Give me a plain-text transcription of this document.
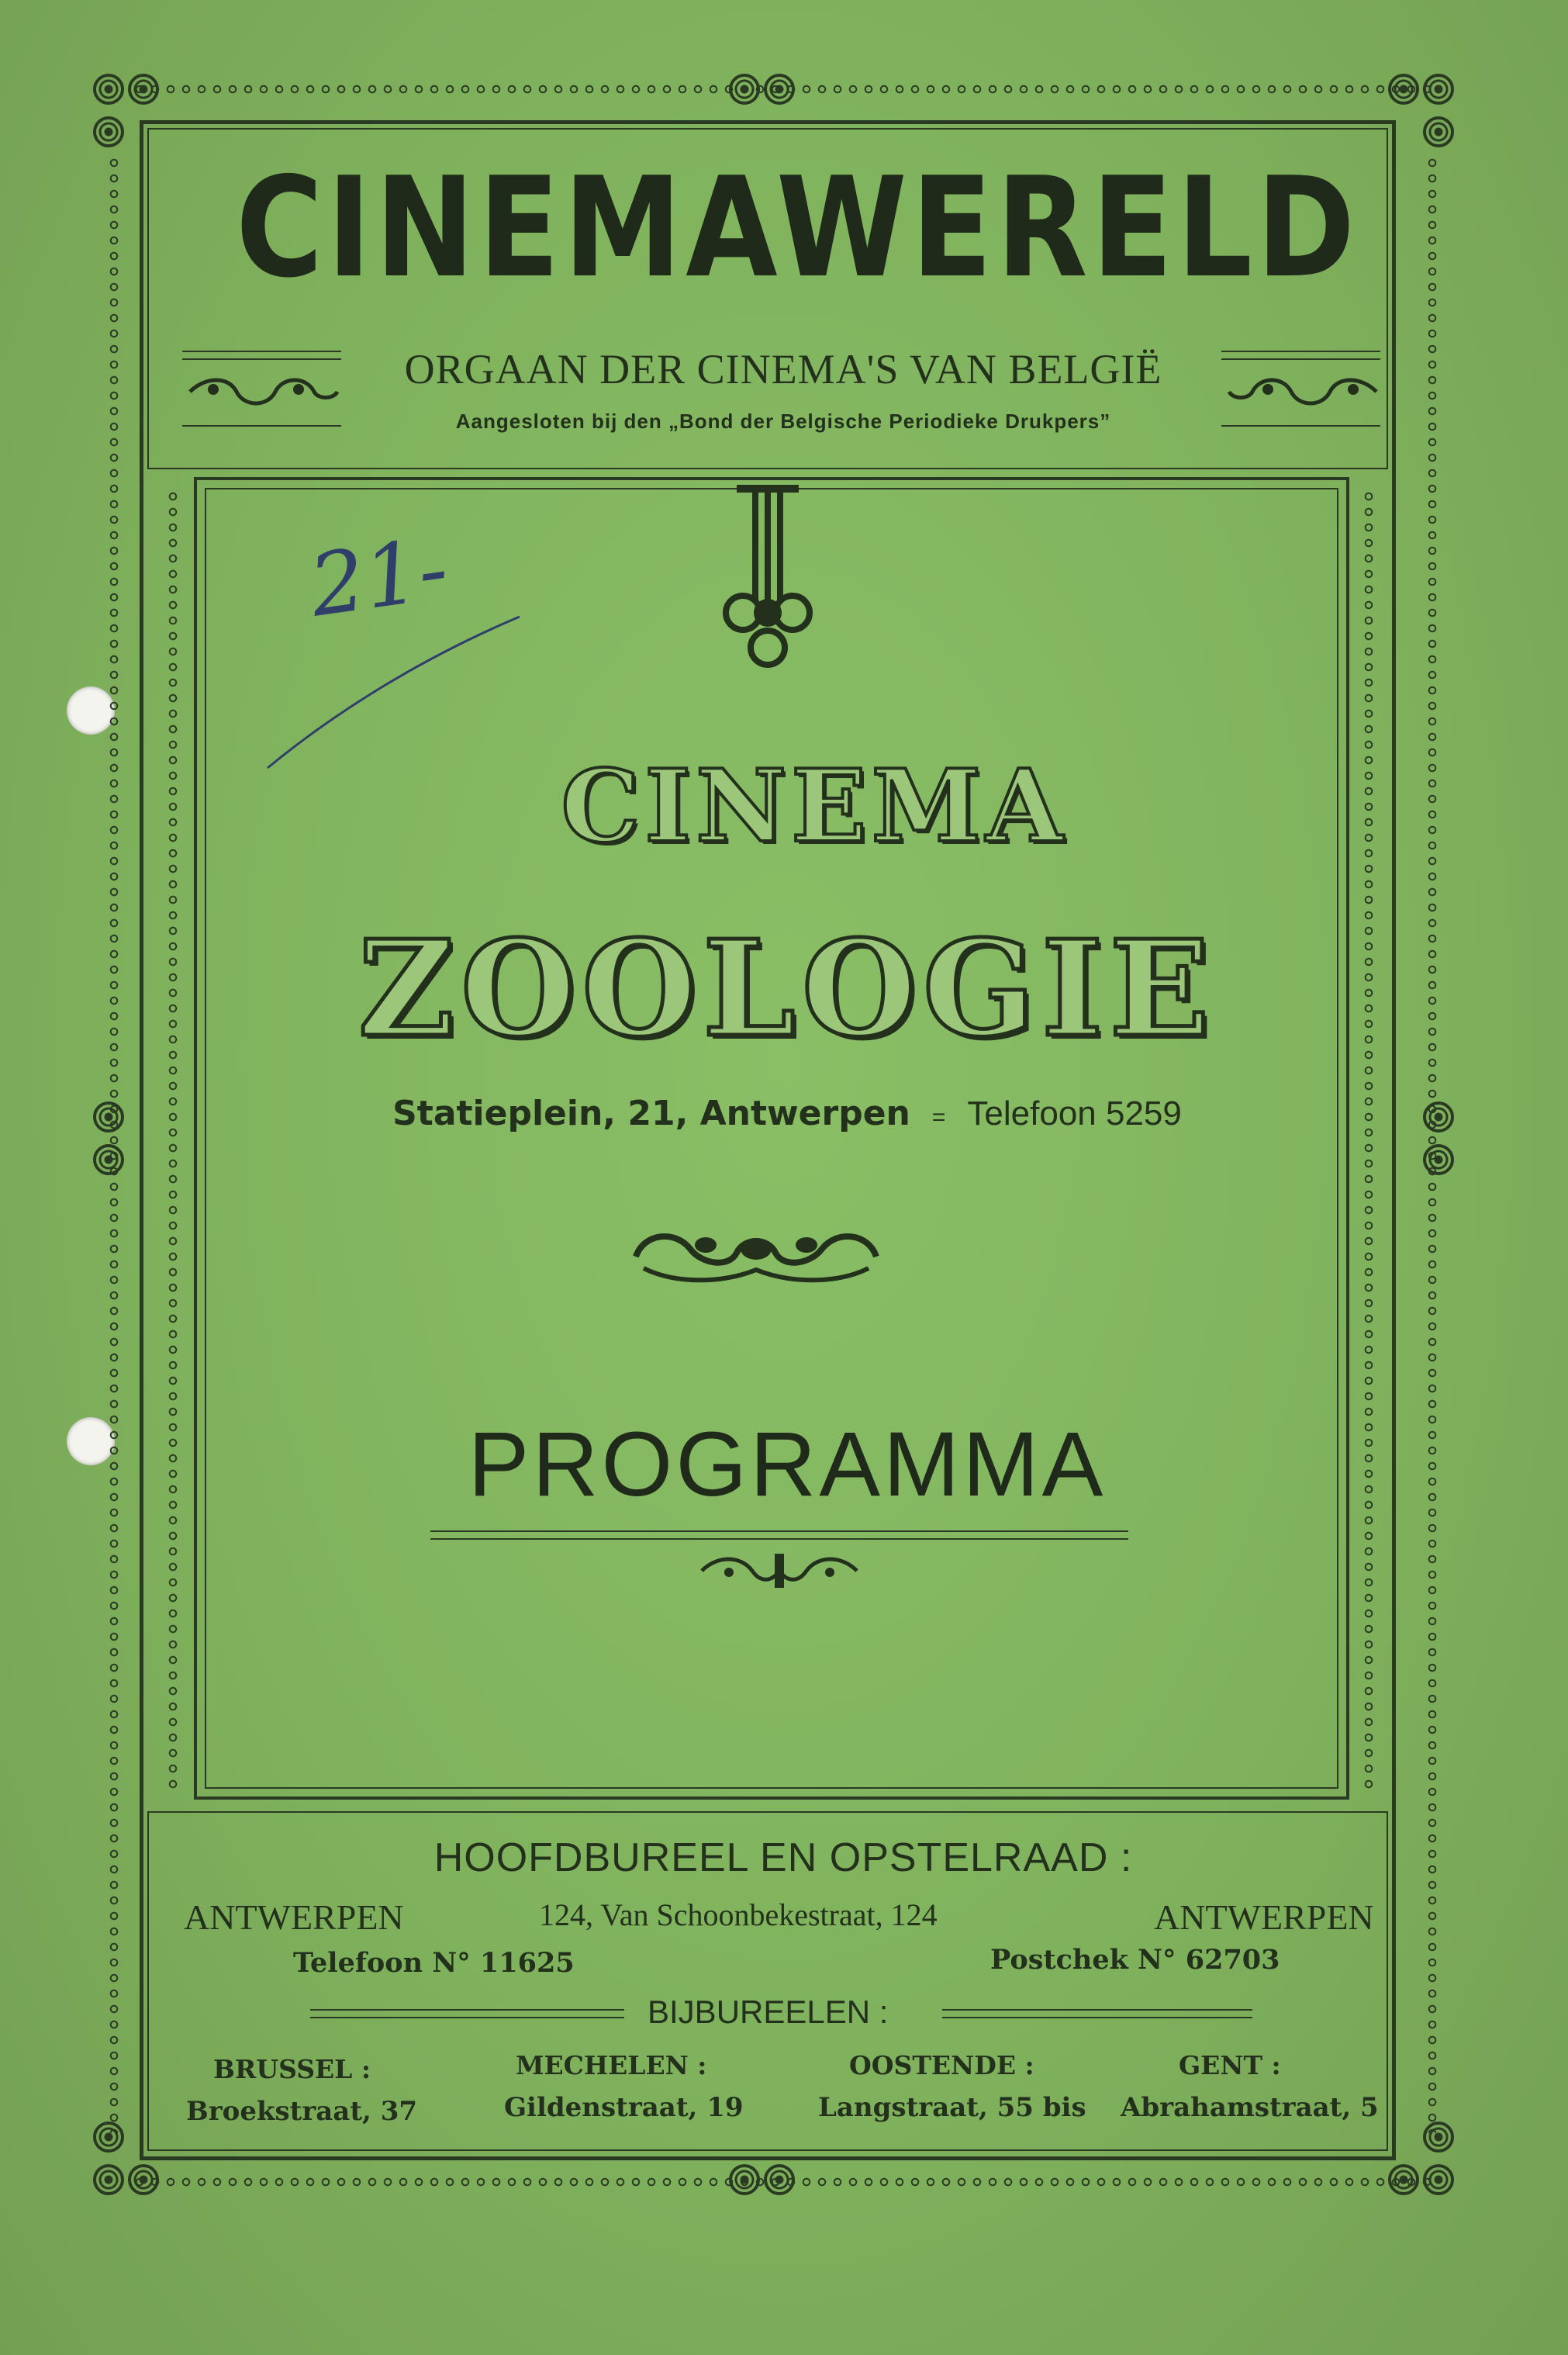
CINEMAWERELD
ORGAAN DER CINEMA'S VAN BELGIË
Aangesloten bij den „Bond der Belgische Periodieke Drukpers”
21-
CINEMA
ZOOLOGIE
Statieplein, 21, Antwerpen = Telefoon 5259
PROGRAMMA
HOOFDBUREEL EN OPSTELRAAD :
ANTWERPEN	124, Van Schoonbekestraat, 124	ANTWERPEN
Telefoon N° 11625	Postchek N° 62703
BIJBUREELEN :
BRUSSEL :
Broekstraat, 37
MECHELEN :
Gildenstraat, 19
OOSTENDE :
Langstraat, 55 bis
GENT :
Abrahamstraat, 5
